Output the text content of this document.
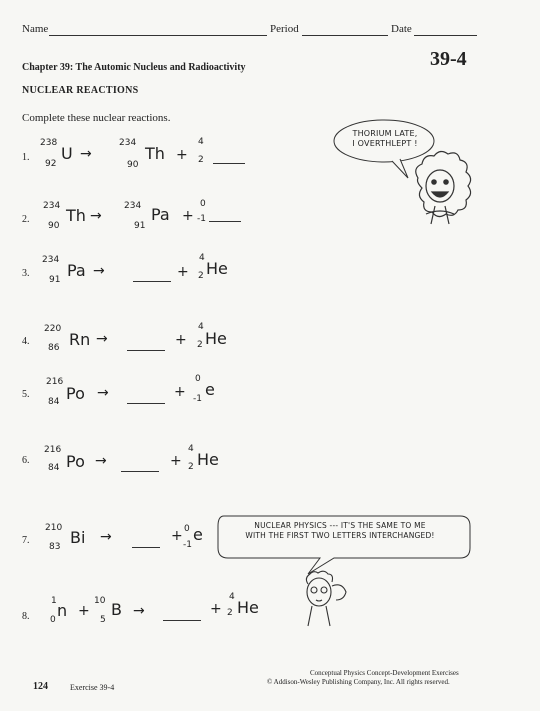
Name	Period	Date
Chapter 39: The Automic Nucleus and Radioactivity	39-4
NUCLEAR REACTIONS
Complete these nuclear reactions.
1.
238
92
U →
234
90
Th +
4
2
2.
234
90
Th →
234
91
Pa +
0
-1
3.
234
91 Pa →	+
4
2 He
4.
220
86 Rn →	+
4
2 He
5.
216
84 Po →	+
0
-1 e
6.
216
84 Po →	+
4
2 He
7.
210
83 Bi →	+ 0
-1
e
8.
1
0 n +
10
5
B →	+
4
2 He
THORIUM LATE,
I OVERTHLEPT !
NUCLEAR PHYSICS --- IT'S THE SAME TO ME
WITH THE FIRST TWO LETTERS INTERCHANGED!
124	Exercise 39-4
Conceptual Physics Concept-Development Exercises
© Addison-Wesley Publishing Company, Inc. All rights reserved.
